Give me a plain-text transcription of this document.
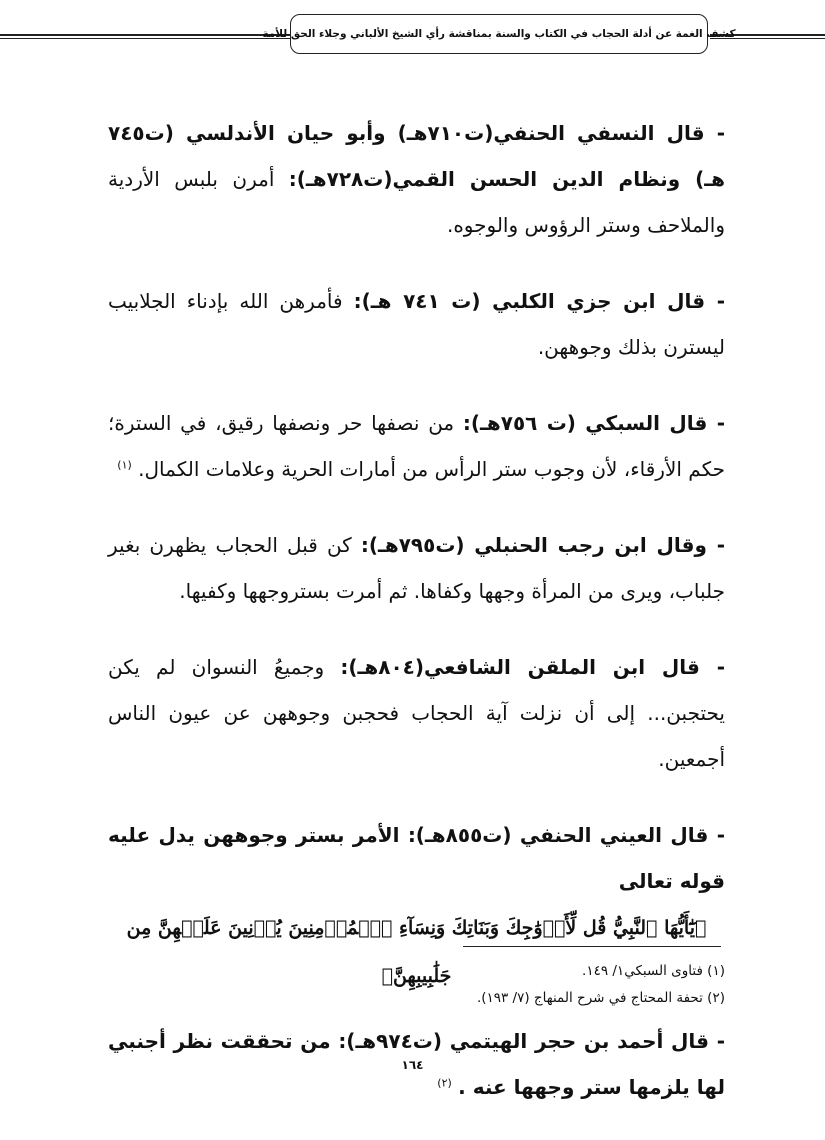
كشف الغمة عن أدلة الحجاب في الكتاب والسنة بمناقشة رأي الشيخ الألباني وجلاء الحق للأمة

- قال النسفي الحنفي(ت٧١٠هـ) وأبو حيان الأندلسي (ت٧٤٥ هـ) ونظام الدين الحسن القمي(ت٧٢٨هـ): أمرن بلبس الأردية والملاحف وستر الرؤوس والوجوه.

- قال ابن جزي الكلبي (ت ٧٤١ هـ): فأمرهن الله بإدناء الجلابيب ليسترن بذلك وجوههن.

- قال السبكي (ت ٧٥٦هـ): من نصفها حر ونصفها رقيق، في السترة؛ حكم الأرقاء، لأن وجوب ستر الرأس من أمارات الحرية وعلامات الكمال. $^{(١)}$

- وقال ابن رجب الحنبلي (ت٧٩٥هـ): كن قبل الحجاب يظهرن بغير جلباب، ويرى من المرأة وجهها وكفاها. ثم أمرت بستروجهها وكفيها.

- قال ابن الملقن الشافعي(٨٠٤هـ): وجميعُ النسوان لم يكن يحتجبن... إلى أن نزلت آية الحجاب فحجبن وجوههن عن عيون الناس أجمعين.

- قال العيني الحنفي (ت٨٥٥هـ): الأمر بستر وجوههن يدل عليه قوله تعالى

﴿يَٰٓأَيُّهَا ٱلنَّبِيُّ قُل لِّأَزۡوَٰجِكَ وَبَنَاتِكَ وَنِسَآءِ ٱلۡمُؤۡمِنِينَ يُدۡنِينَ عَلَيۡهِنَّ مِن جَلَٰبِيبِهِنَّ﴾

- قال أحمد بن حجر الهيتمي (ت٩٧٤هـ): من تحققت نظر أجنبي لها يلزمها ستر وجهها عنه . $^{(٢)}$

(١) فتاوى السبكي١/ ١٤٩.
(٢) تحفة المحتاج في شرح المنهاج (٧/ ١٩٣).
١٦٤
